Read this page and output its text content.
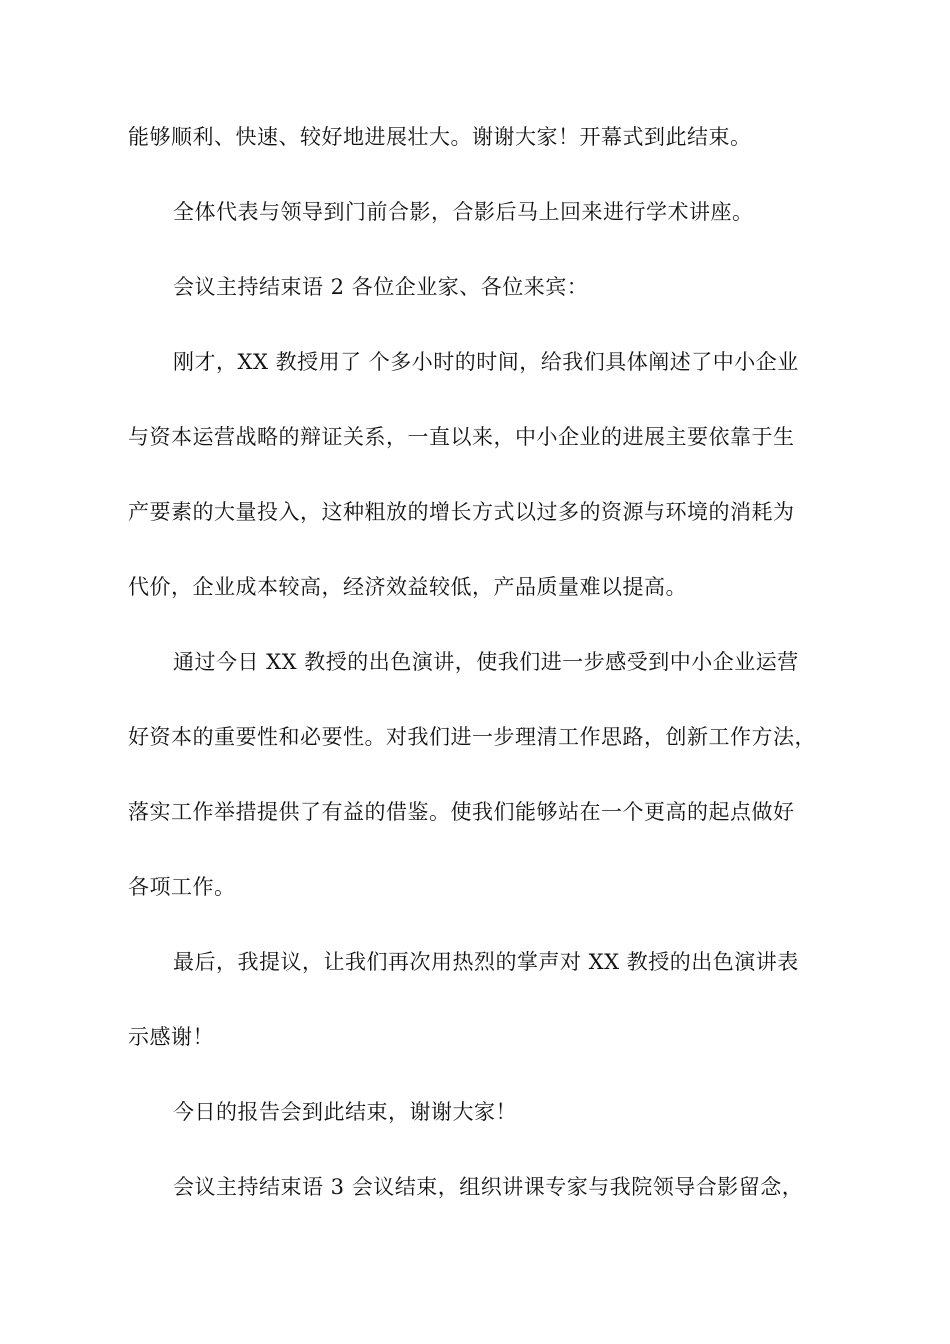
能够顺利、快速、较好地进展壮大。谢谢大家！开幕式到此结束。
全体代表与领导到门前合影，合影后马上回来进行学术讲座。
会议主持结束语 2 各位企业家、各位来宾：
刚才，XX 教授用了 个多小时的时间，给我们具体阐述了中小企业
与资本运营战略的辩证关系，一直以来，中小企业的进展主要依靠于生
产要素的大量投入，这种粗放的增长方式以过多的资源与环境的消耗为
代价，企业成本较高，经济效益较低，产品质量难以提高。
通过今日 XX 教授的出色演讲，使我们进一步感受到中小企业运营
好资本的重要性和必要性。对我们进一步理清工作思路，创新工作方法，
落实工作举措提供了有益的借鉴。使我们能够站在一个更高的起点做好
各项工作。
最后，我提议，让我们再次用热烈的掌声对 XX 教授的出色演讲表
示感谢！
今日的报告会到此结束，谢谢大家！
会议主持结束语 3 会议结束，组织讲课专家与我院领导合影留念，
